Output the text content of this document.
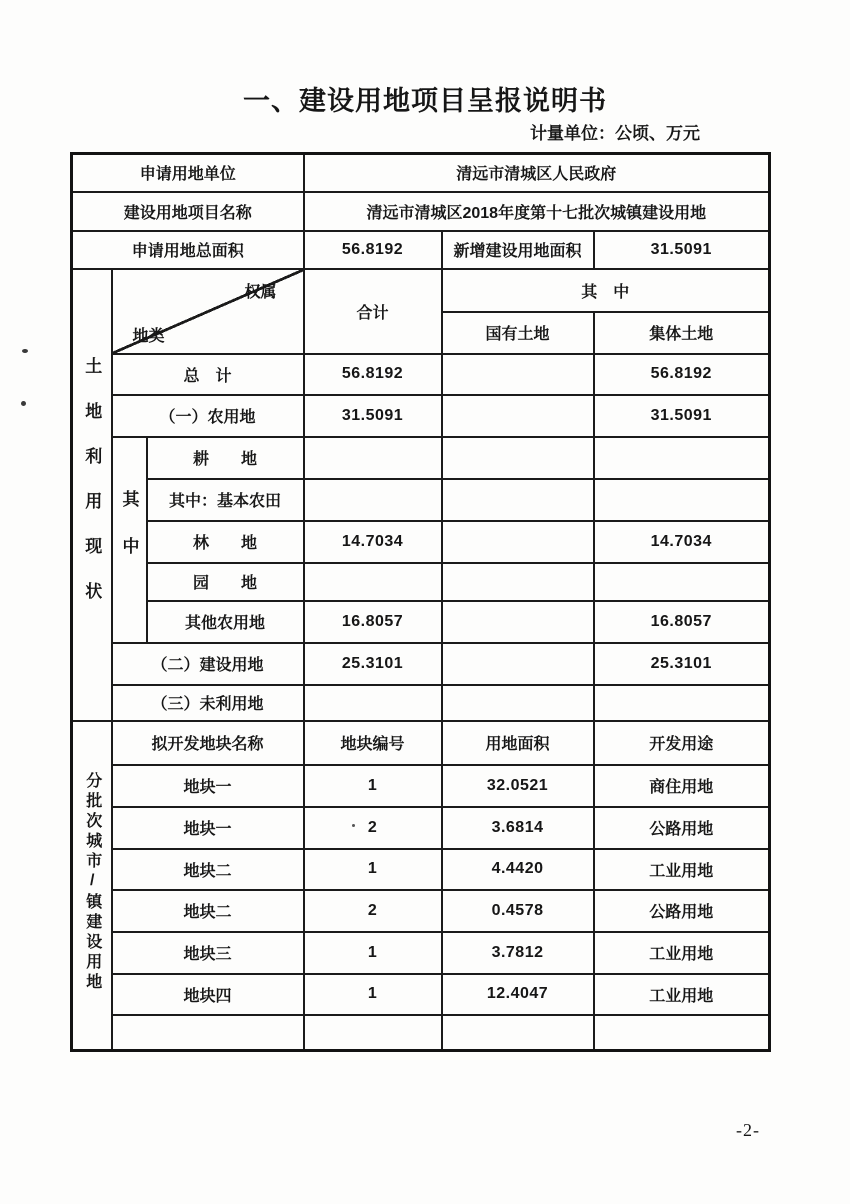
一、建设用地项目呈报说明书
计量单位：公顷、万元
申请用地单位			清远市清城区人民政府		
建设用地项目名称			清远市清城区2018年度第十七批次城镇建设用地		
申请用地总面积			56.8192	新增建设用地面积	31.5091
土地利用现状	权属
地类		合计	其　中	
				国有土地	集体土地
	总　计		56.8192		56.8192
	（一）农用地		31.5091		31.5091
	其中	耕　　地			
		其中：基本农田			
		林　　地	14.7034		14.7034
		园　　地			
		其他农用地	16.8057		16.8057
	（二）建设用地		25.3101		25.3101
	（三）未利用地				
分批次城市/镇建设用地	拟开发地块名称		地块编号	用地面积	开发用途
	地块一		1	32.0521	商住用地
	地块一		2	3.6814	公路用地
	地块二		1	4.4420	工业用地
	地块二		2	0.4578	公路用地
	地块三		1	3.7812	工业用地
	地块四		1	12.4047	工业用地

-2-
